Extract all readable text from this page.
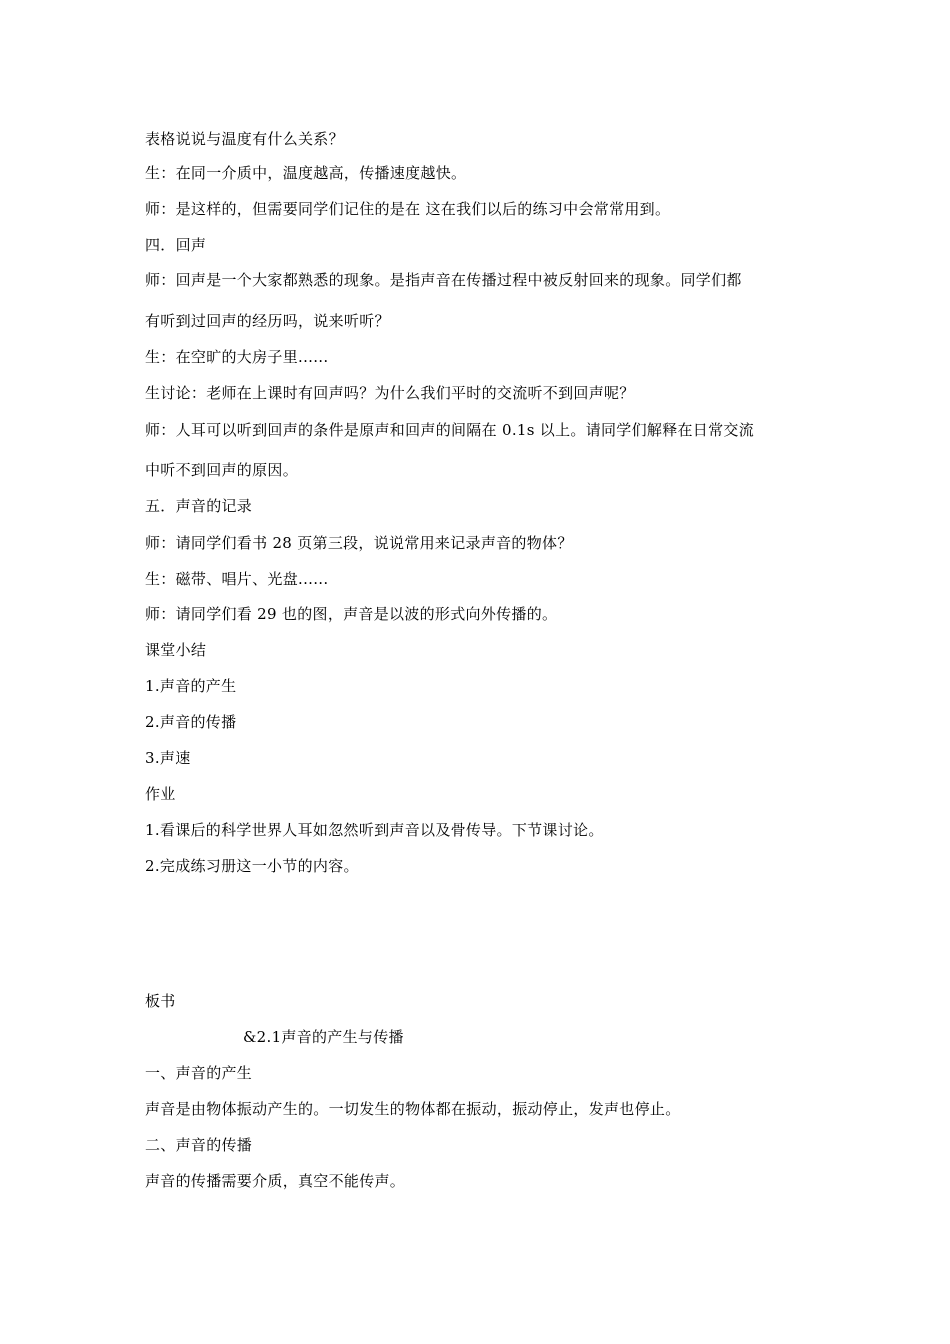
表格说说与温度有什么关系？
生：在同一介质中，温度越高，传播速度越快。
师：是这样的，但需要同学们记住的是在 这在我们以后的练习中会常常用到。
四．回声
师：回声是一个大家都熟悉的现象。是指声音在传播过程中被反射回来的现象。同学们都
有听到过回声的经历吗，说来听听？
生：在空旷的大房子里......
生讨论：老师在上课时有回声吗？为什么我们平时的交流听不到回声呢？
师：人耳可以听到回声的条件是原声和回声的间隔在 0.1s 以上。请同学们解释在日常交流
中听不到回声的原因。
五．声音的记录
师：请同学们看书 28 页第三段，说说常用来记录声音的物体？
生：磁带、唱片、光盘......
师：请同学们看 29 也的图，声音是以波的形式向外传播的。
课堂小结
1.声音的产生
2.声音的传播
3.声速
作业
1.看课后的科学世界人耳如忽然听到声音以及骨传导。下节课讨论。
2.完成练习册这一小节的内容。
板书
&2.1声音的产生与传播
一、声音的产生
声音是由物体振动产生的。一切发生的物体都在振动，振动停止，发声也停止。
二、声音的传播
声音的传播需要介质，真空不能传声。
